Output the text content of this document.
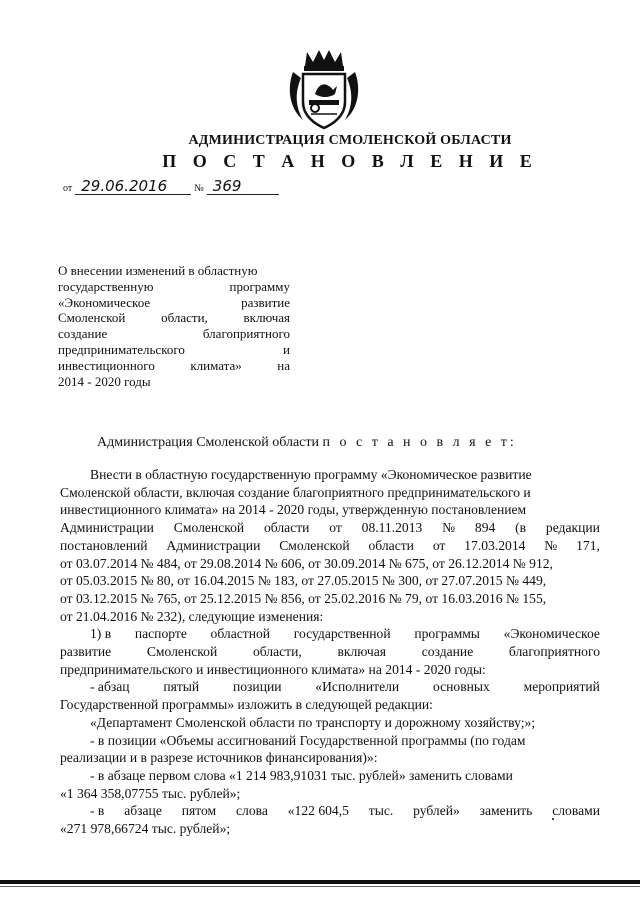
АДМИНИСТРАЦИЯ СМОЛЕНСКОЙ ОБЛАСТИ
П О С Т А Н О В Л Е Н И Е
от 29.06.2016	№ 369
О внесении изменений в областную
государственную	программу
«Экономическое	развитие
Смоленской	области,	включая
создание	благоприятного
предпринимательского	и
инвестиционного	климата»	на
2014 - 2020 годы
Администрация Смоленской области п о с т а н о в л я е т:
Внести в областную государственную программу «Экономическое развитие
Смоленской области, включая создание благоприятного предпринимательского и
инвестиционного климата» на 2014 - 2020 годы, утвержденную постановлением
Администрации Смоленской области от 08.11.2013 № 894 (в редакции
постановлений Администрации Смоленской области от 17.03.2014 № 171,
от 03.07.2014 № 484, от 29.08.2014 № 606, от 30.09.2014 № 675, от 26.12.2014 № 912,
от 05.03.2015 № 80, от 16.04.2015 № 183, от 27.05.2015 № 300, от 27.07.2015 № 449,
от 03.12.2015 № 765, от 25.12.2015 № 856, от 25.02.2016 № 79, от 16.03.2016 № 155,
от 21.04.2016 № 232), следующие изменения:
1) в паспорте областной государственной программы «Экономическое
развитие	Смоленской	области,	включая	создание	благоприятного
предпринимательского и инвестиционного климата» на 2014 - 2020 годы:
- абзац пятый позиции «Исполнители основных мероприятий
Государственной программы» изложить в следующей редакции:
«Департамент Смоленской области по транспорту и дорожному хозяйству;»;
- в позиции «Объемы ассигнований Государственной программы (по годам
реализации и в разрезе источников финансирования)»:
- в абзаце первом слова «1 214 983,91031 тыс. рублей» заменить словами
«1 364 358,07755 тыс. рублей»;
- в абзаце пятом слова «122 604,5 тыс. рублей» заменить словами
«271 978,66724 тыс. рублей»;
